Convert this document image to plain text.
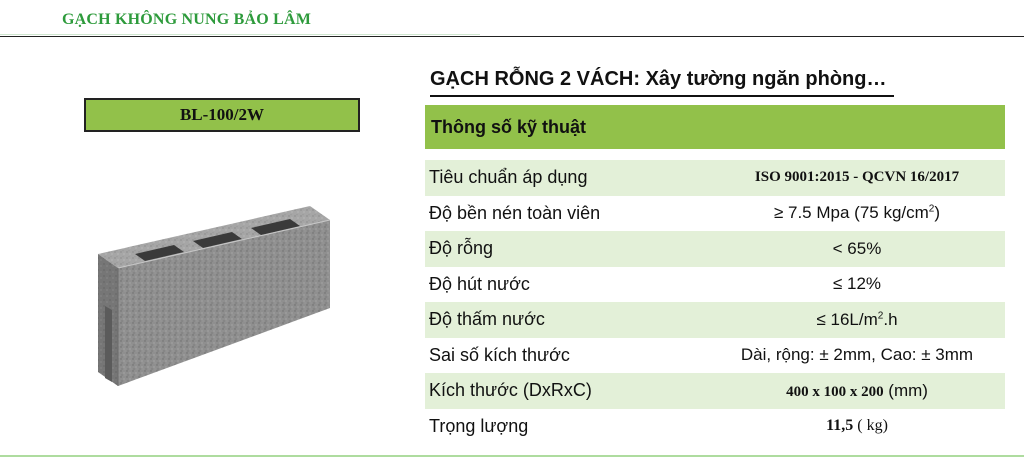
GẠCH KHÔNG NUNG BẢO LÂM
BL-100/2W
GẠCH RỖNG 2 VÁCH: Xây tường ngăn phòng…
Thông số kỹ thuật
Tiêu chuẩn áp dụng	ISO 9001:2015 - QCVN 16/2017
Độ bền nén toàn viên	≥ 7.5 Mpa (75 $kg/cm^2$)
Độ rỗng	< 65%
Độ hút nước	≤ 12%
Độ thấm nước	≤ $16L/m^2.h$
Sai số kích thước	Dài, rộng: ± 2mm, Cao: ± 3mm
Kích thước (DxRxC)	400 x 100 x 200 (mm)
Trọng lượng	11,5 ( kg)
